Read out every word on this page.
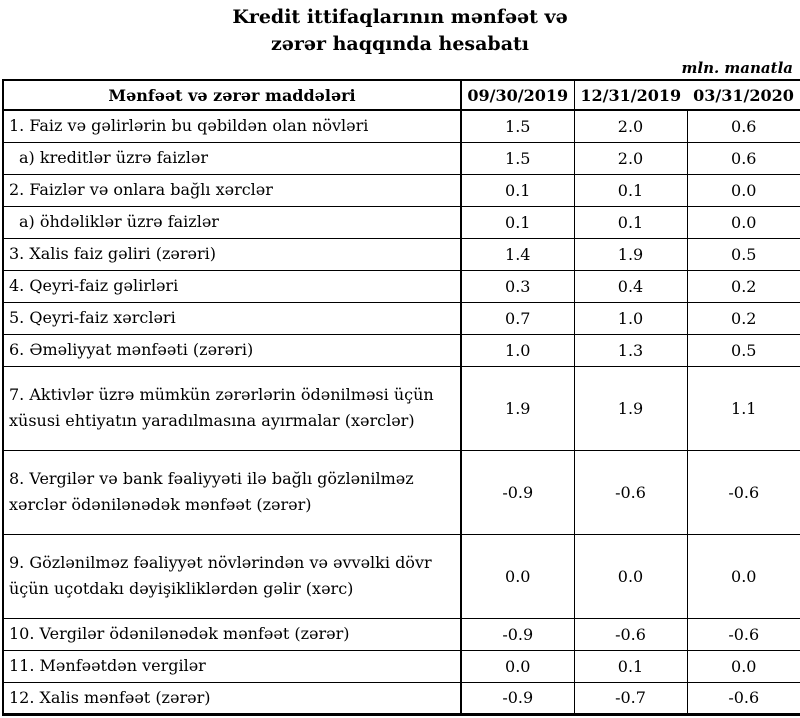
Kredit ittifaqlarının mənfəət və
zərər haqqında hesabatı
mln. manatla
Mənfəət və zərər maddələri	09/30/2019	12/31/2019	03/31/2020
1. Faiz və gəlirlərin bu qəbildən olan növləri	1.5	2.0	0.6
a) kreditlər üzrə faizlər	1.5	2.0	0.6
2. Faizlər və onlara bağlı xərclər	0.1	0.1	0.0
a) öhdəliklər üzrə faizlər	0.1	0.1	0.0
3. Xalis faiz gəliri (zərəri)	1.4	1.9	0.5
4. Qeyri-faiz gəlirləri	0.3	0.4	0.2
5. Qeyri-faiz xərcləri	0.7	1.0	0.2
6. Əməliyyat mənfəəti (zərəri)	1.0	1.3	0.5
7. Aktivlər üzrə mümkün zərərlərin ödənilməsi üçün xüsusi ehtiyatın yaradılmasına ayırmalar (xərclər)	1.9	1.9	1.1
8. Vergilər və bank fəaliyyəti ilə bağlı gözlənilməz xərclər ödənilənədək mənfəət (zərər)	-0.9	-0.6	-0.6
9. Gözlənilməz fəaliyyət növlərindən və əvvəlki dövr üçün uçotdakı dəyişikliklərdən gəlir (xərc)	0.0	0.0	0.0
10. Vergilər ödənilənədək mənfəət (zərər)	-0.9	-0.6	-0.6
11. Mənfəətdən vergilər	0.0	0.1	0.0
12. Xalis mənfəət (zərər)	-0.9	-0.7	-0.6
